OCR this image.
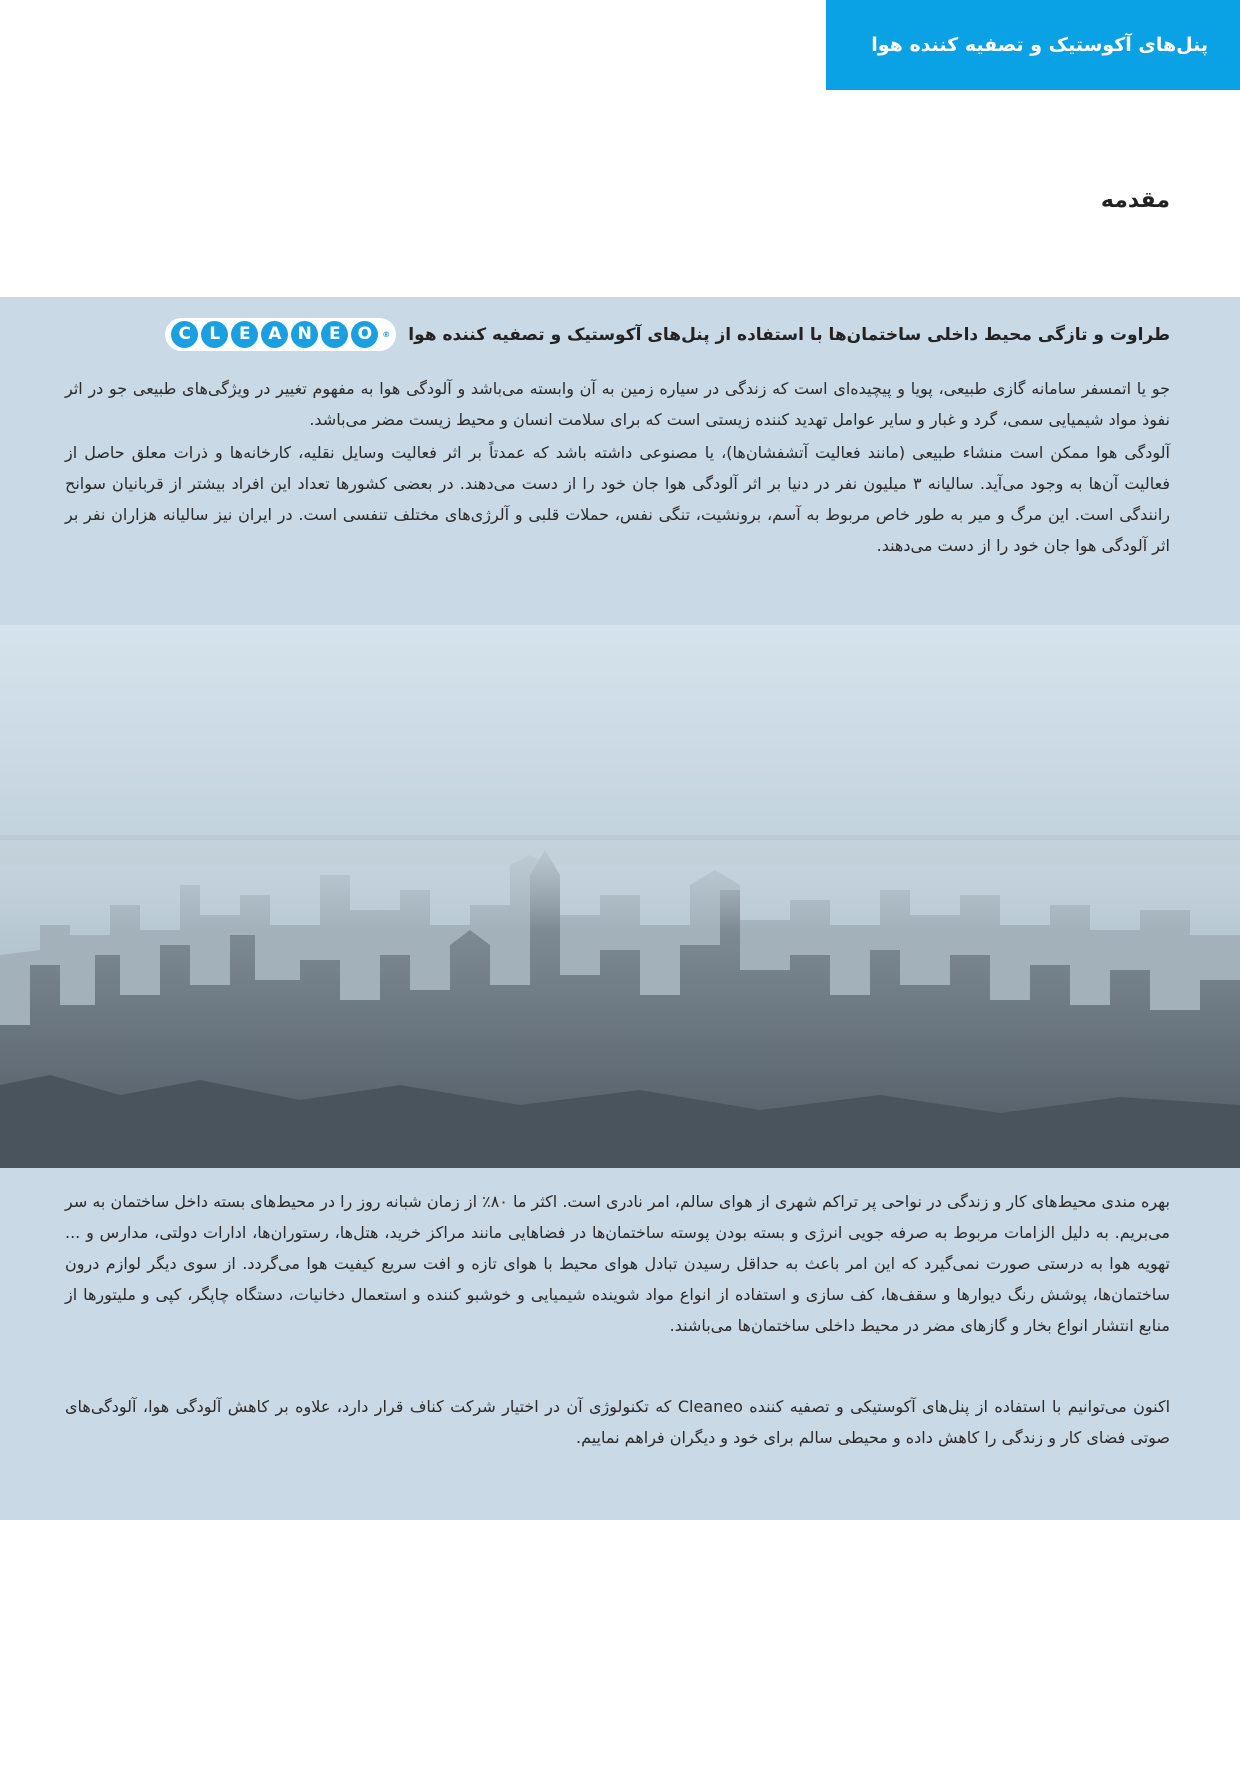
پنل‌های آکوستیک و تصفیه کننده هوا
مقدمه
طراوت و تازگی محیط داخلی ساختمان‌ها با استفاده از پنل‌های آکوستیک و تصفیه کننده هوا
C	L	E	A N	E O	®

جو یا اتمسفر سامانه گازی طبیعی، پویا و پیچیده‌ای است که زندگی در سیاره زمین به آن وابسته می‌باشد و آلودگی هوا به مفهوم تغییر در ویژگی‌های طبیعی جو در اثر نفوذ مواد شیمیایی سمی، گرد و غبار و سایر عوامل تهدید کننده زیستی است که برای سلامت انسان و محیط زیست مضر می‌باشد.

آلودگی هوا ممکن است منشاء طبیعی (مانند فعالیت آتشفشان‌ها)، یا مصنوعی داشته باشد که عمدتاً بر اثر فعالیت وسایل نقلیه، کارخانه‌ها و ذرات معلق حاصل از فعالیت آن‌ها به وجود می‌آید. سالیانه ۳ میلیون نفر در دنیا بر اثر آلودگی هوا جان خود را از دست می‌دهند. در بعضی کشورها تعداد این افراد بیشتر از قربانیان سوانح رانندگی است. این مرگ و میر به طور خاص مربوط به آسم، برونشیت، تنگی نفس، حملات قلبی و آلرژی‌های مختلف تنفسی است. در ایران نیز سالیانه هزاران نفر بر اثر آلودگی هوا جان خود را از دست می‌دهند.

بهره مندی محیط‌های کار و زندگی در نواحی پر تراکم شهری از هوای سالم، امر نادری است. اکثر ما ۸۰٪ از زمان شبانه روز را در محیط‌های بسته داخل ساختمان به سر می‌بریم. به دلیل الزامات مربوط به صرفه جویی انرژی و بسته بودن پوسته ساختمان‌ها در فضاهایی مانند مراکز خرید، هتل‌ها، رستوران‌ها، ادارات دولتی، مدارس و ... تهویه هوا به درستی صورت نمی‌گیرد که این امر باعث به حداقل رسیدن تبادل هوای محیط با هوای تازه و افت سریع کیفیت هوا می‌گردد. از سوی دیگر لوازم درون ساختمان‌ها، پوشش رنگ دیوارها و سقف‌ها، کف سازی و استفاده از انواع مواد شوینده شیمیایی و خوشبو کننده و استعمال دخانیات، دستگاه چاپگر، کپی و ملیتورها از منابع انتشار انواع بخار و گازهای مضر در محیط داخلی ساختمان‌ها می‌باشند.

اکنون می‌توانیم با استفاده از پنل‌های آکوستیکی و تصفیه کننده Cleaneo که تکنولوژی آن در اختیار شرکت کناف قرار دارد، علاوه بر کاهش آلودگی هوا، آلودگی‌های صوتی فضای کار و زندگی را کاهش داده و محیطی سالم برای خود و دیگران فراهم نماییم.
